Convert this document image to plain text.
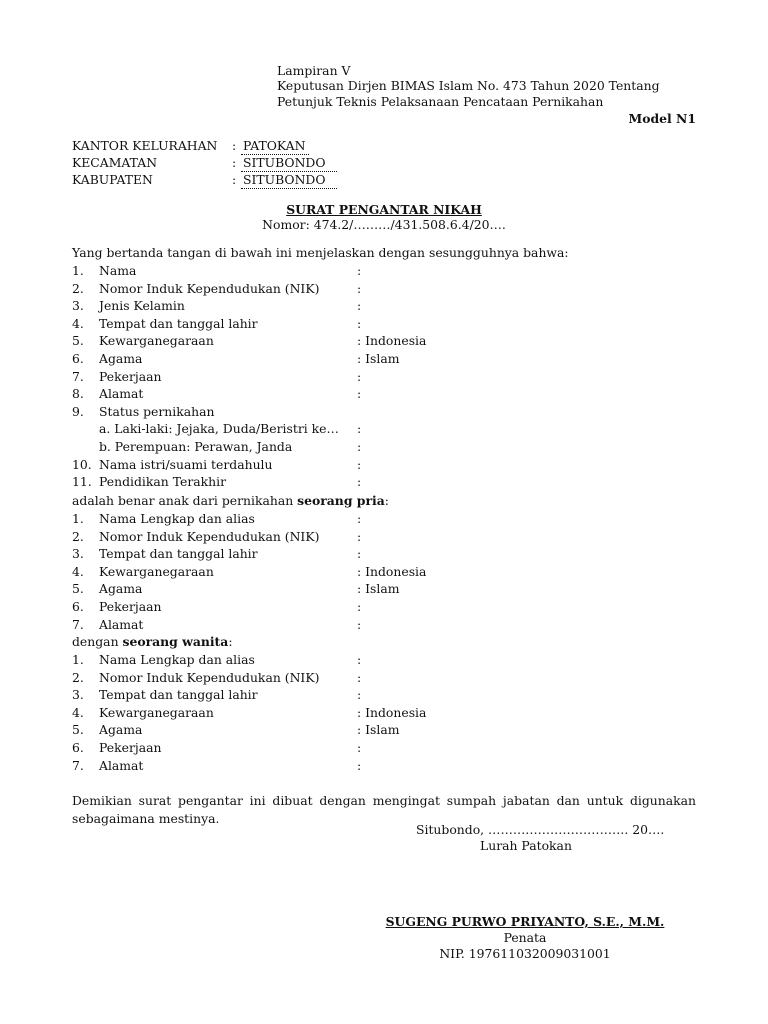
Lampiran V
Keputusan Dirjen BIMAS Islam No. 473 Tahun 2020 Tentang
Petunjuk Teknis Pelaksanaan Pencataan Pernikahan
Model N1
KANTOR KELURAHAN : PATOKAN
KECAMATAN	: SITUBONDO
KABUPATEN	: SITUBONDO
SURAT PENGANTAR NIKAH
Nomor: 474.2/………/431.508.6.4/20….
Yang bertanda tangan di bawah ini menjelaskan dengan sesungguhnya bahwa:
1. Nama	:
2. Nomor Induk Kependudukan (NIK)	:
3. Jenis Kelamin	:
4. Tempat dan tanggal lahir	:
5. Kewarganegaraan	: Indonesia
6. Agama	: Islam
7. Pekerjaan	:
8. Alamat	:
9. Status pernikahan
a. Laki-laki: Jejaka, Duda/Beristri ke… :
b. Perempuan: Perawan, Janda	:
10. Nama istri/suami terdahulu	:
11. Pendidikan Terakhir	:
adalah benar anak dari pernikahan seorang pria:
1. Nama Lengkap dan alias	:
2. Nomor Induk Kependudukan (NIK)	:
3. Tempat dan tanggal lahir	:
4. Kewarganegaraan	: Indonesia
5. Agama	: Islam
6. Pekerjaan	:
7. Alamat	:
dengan seorang wanita:
1. Nama Lengkap dan alias	:
2. Nomor Induk Kependudukan (NIK)	:
3. Tempat dan tanggal lahir	:
4. Kewarganegaraan	: Indonesia
5. Agama	: Islam
6. Pekerjaan	:
7. Alamat	:
Demikian surat pengantar ini dibuat dengan mengingat sumpah jabatan dan untuk digunakan sebagaimana mestinya.
Situbondo, ……………………………. 20….
Lurah Patokan
SUGENG PURWO PRIYANTO, S.E., M.M.
Penata
NIP. 197611032009031001
